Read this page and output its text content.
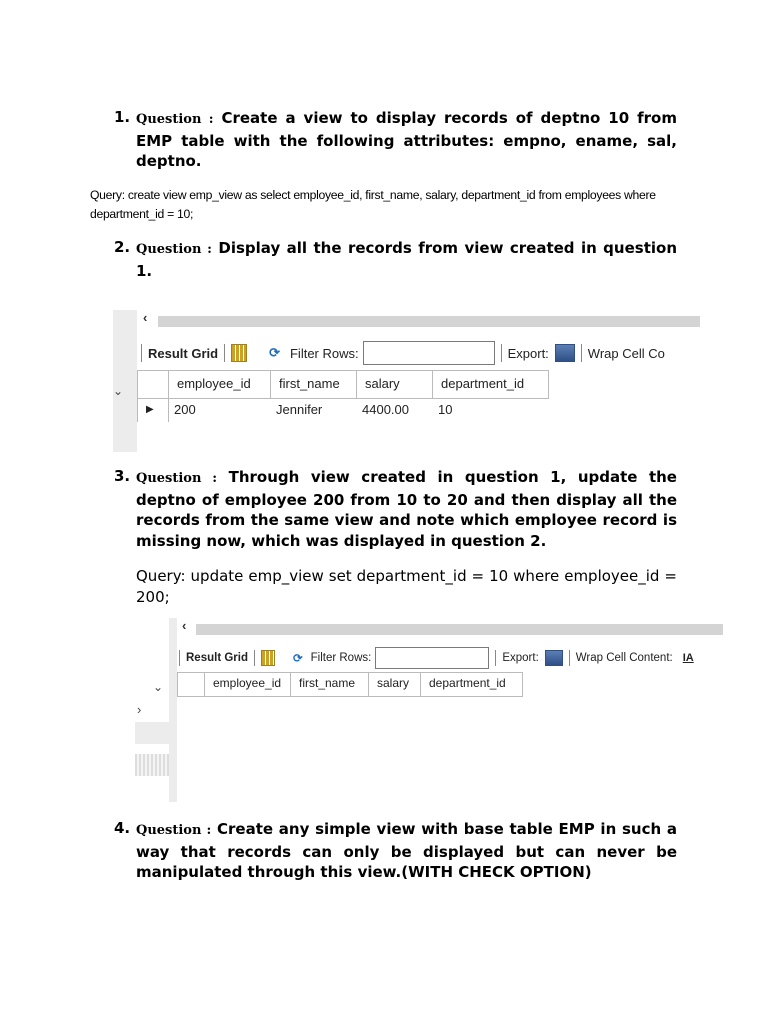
1. Question : Create a view to display records of deptno 10 from EMP table with the following attributes: empno, ename, sal, deptno.
Query: create view emp_view as select employee_id, first_name, salary, department_id from employees where department_id = 10;
2. Question : Display all the records from view created in question 1.
‹
Result Grid	⟳ Filter Rows:	Export:	Wrap Cell Co
⌄	employee_id	first_name	salary	department_id
▶	200	Jennifer	4400.00	10
3. Question : Through view created in question 1, update the deptno of employee 200 from 10 to 20 and then display all the records from the same view and note which employee record is missing now, which was displayed in question 2.
Query: update emp_view set department_id = 10 where employee_id = 200;
‹
Result Grid	⟳ Filter Rows:	Export:	Wrap Cell Content: IA
⌄
›
employee_id	first_name	salary	department_id
4. Question : Create any simple view with base table EMP in such a way that records can only be displayed but can never be manipulated through this view.(WITH CHECK OPTION)
